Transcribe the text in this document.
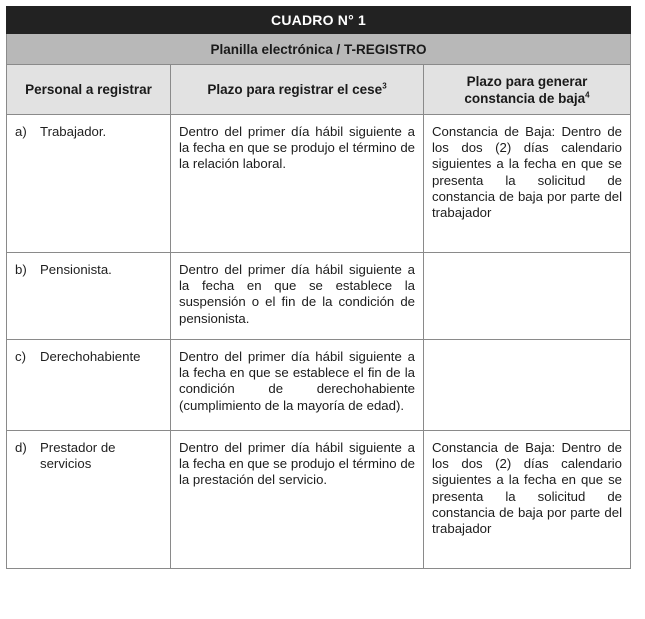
CUADRO N° 1		
Planilla electrónica / T-REGISTRO		
Personal a registrar	Plazo para registrar el cese$^3$	Plazo para generar constancia de baja$^4$

a) Trabajador.	Dentro del primer día hábil siguiente a la fecha en que se produjo el término de la relación laboral.	Constancia de Baja: Dentro de los dos (2) días calendario siguientes a la fecha en que se presenta la solicitud de constancia de baja por parte del trabajador

b) Pensionista.	Dentro del primer día hábil siguiente a la fecha en que se establece la suspensión o el fin de la condición de pensionista.	

c) Derechohabiente	Dentro del primer día hábil siguiente a la fecha en que se establece el fin de la condición de derechohabiente (cumplimiento de la mayoría de edad).	

d) Prestador de servicios	Dentro del primer día hábil siguiente a la fecha en que se produjo el término de la prestación del servicio.	Constancia de Baja: Dentro de los dos (2) días calendario siguientes a la fecha en que se presenta la solicitud de constancia de baja por parte del trabajador
